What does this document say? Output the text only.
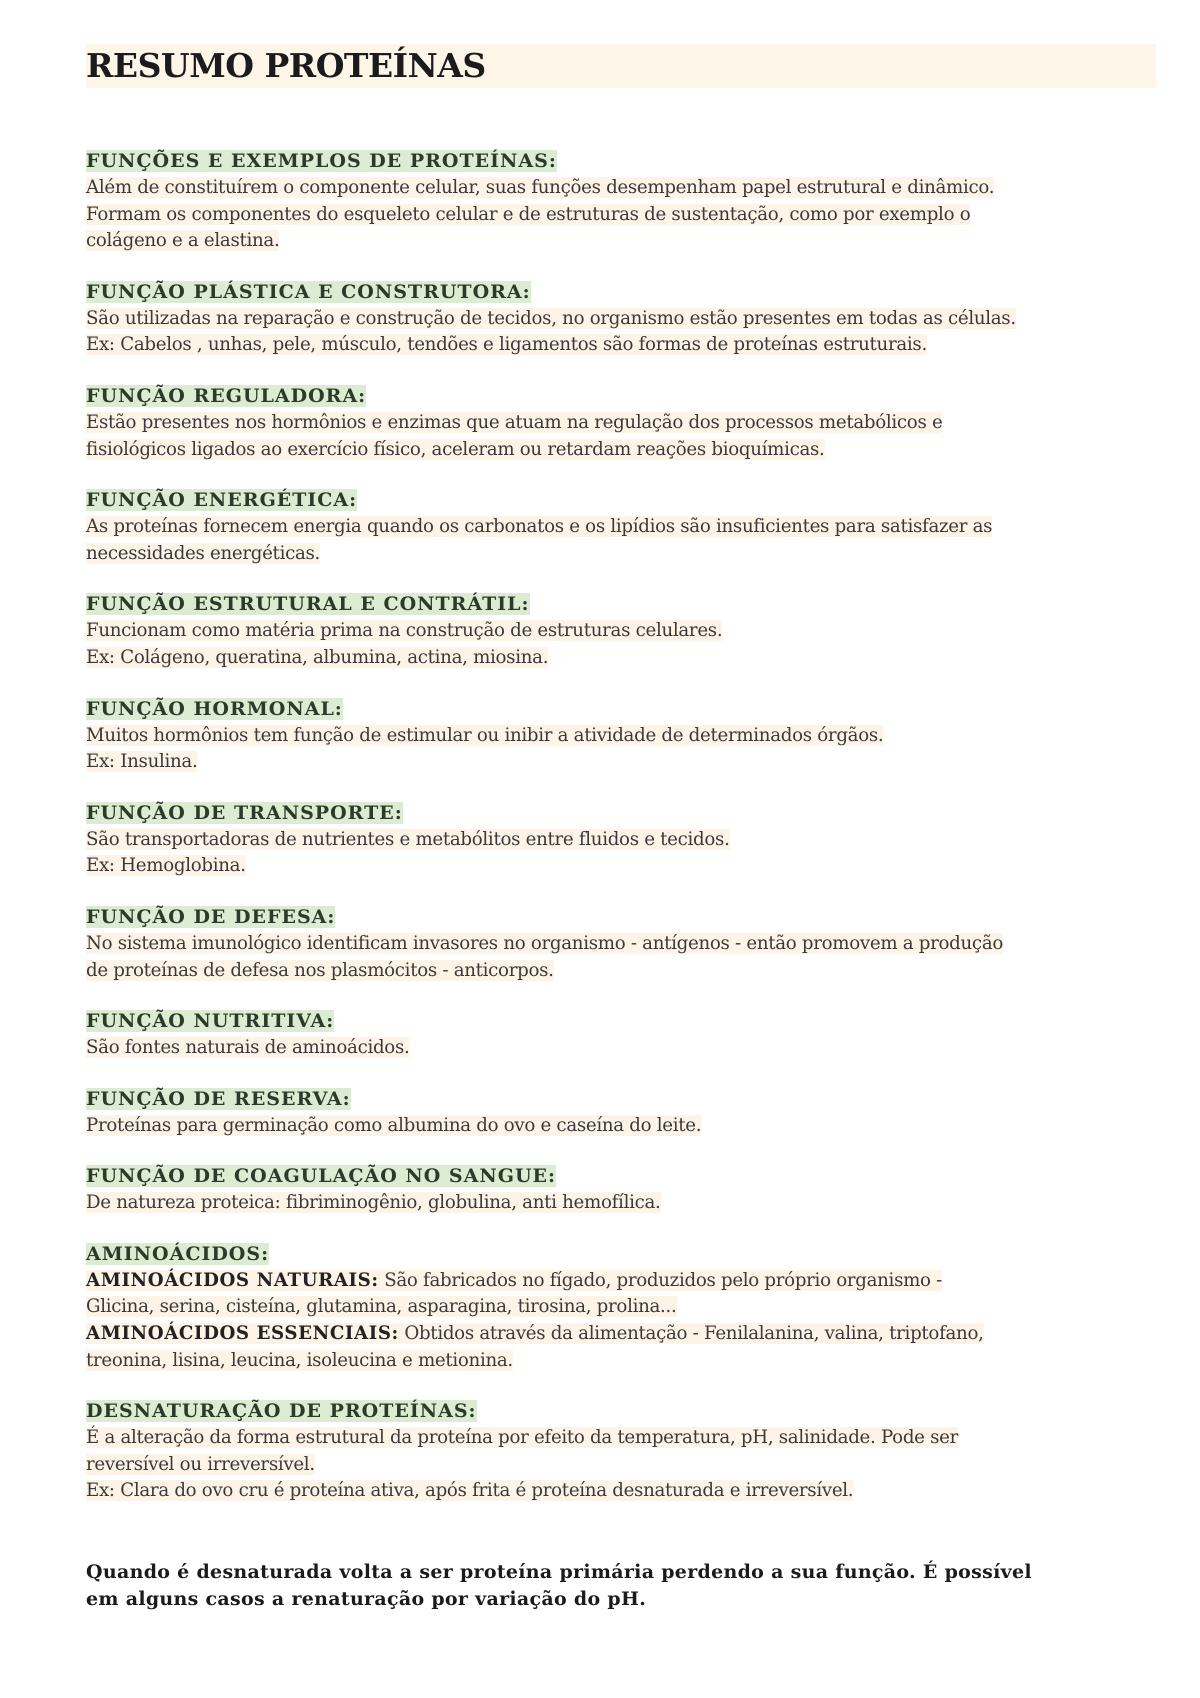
RESUMO PROTEÍNAS
FUNÇÕES E EXEMPLOS DE PROTEÍNAS:
Além de constituírem o componente celular, suas funções desempenham papel estrutural e dinâmico.
Formam os componentes do esqueleto celular e de estruturas de sustentação, como por exemplo o
colágeno e a elastina.
FUNÇÃO PLÁSTICA E CONSTRUTORA:
São utilizadas na reparação e construção de tecidos, no organismo estão presentes em todas as células.
Ex: Cabelos , unhas, pele, músculo, tendões e ligamentos são formas de proteínas estruturais.
FUNÇÃO REGULADORA:
Estão presentes nos hormônios e enzimas que atuam na regulação dos processos metabólicos e
fisiológicos ligados ao exercício físico, aceleram ou retardam reações bioquímicas.
FUNÇÃO ENERGÉTICA:
As proteínas fornecem energia quando os carbonatos e os lipídios são insuficientes para satisfazer as
necessidades energéticas.
FUNÇÃO ESTRUTURAL E CONTRÁTIL:
Funcionam como matéria prima na construção de estruturas celulares.
Ex: Colágeno, queratina, albumina, actina, miosina.
FUNÇÃO HORMONAL:
Muitos hormônios tem função de estimular ou inibir a atividade de determinados órgãos.
Ex: Insulina.
FUNÇÃO DE TRANSPORTE:
São transportadoras de nutrientes e metabólitos entre fluidos e tecidos.
Ex: Hemoglobina.
FUNÇÃO DE DEFESA:
No sistema imunológico identificam invasores no organismo - antígenos - então promovem a produção
de proteínas de defesa nos plasmócitos - anticorpos.
FUNÇÃO NUTRITIVA:
São fontes naturais de aminoácidos.
FUNÇÃO DE RESERVA:
Proteínas para germinação como albumina do ovo e caseína do leite.
FUNÇÃO DE COAGULAÇÃO NO SANGUE:
De natureza proteica: fibriminogênio, globulina, anti hemofílica.
AMINOÁCIDOS:
AMINOÁCIDOS NATURAIS: São fabricados no fígado, produzidos pelo próprio organismo -
Glicina, serina, cisteína, glutamina, asparagina, tirosina, prolina...
AMINOÁCIDOS ESSENCIAIS: Obtidos através da alimentação - Fenilalanina, valina, triptofano,
treonina, lisina, leucina, isoleucina e metionina.
DESNATURAÇÃO DE PROTEÍNAS:
É a alteração da forma estrutural da proteína por efeito da temperatura, pH, salinidade. Pode ser
reversível ou irreversível.
Ex: Clara do ovo cru é proteína ativa, após frita é proteína desnaturada e irreversível.
Quando é desnaturada volta a ser proteína primária perdendo a sua função. É possível
em alguns casos a renaturação por variação do pH.
